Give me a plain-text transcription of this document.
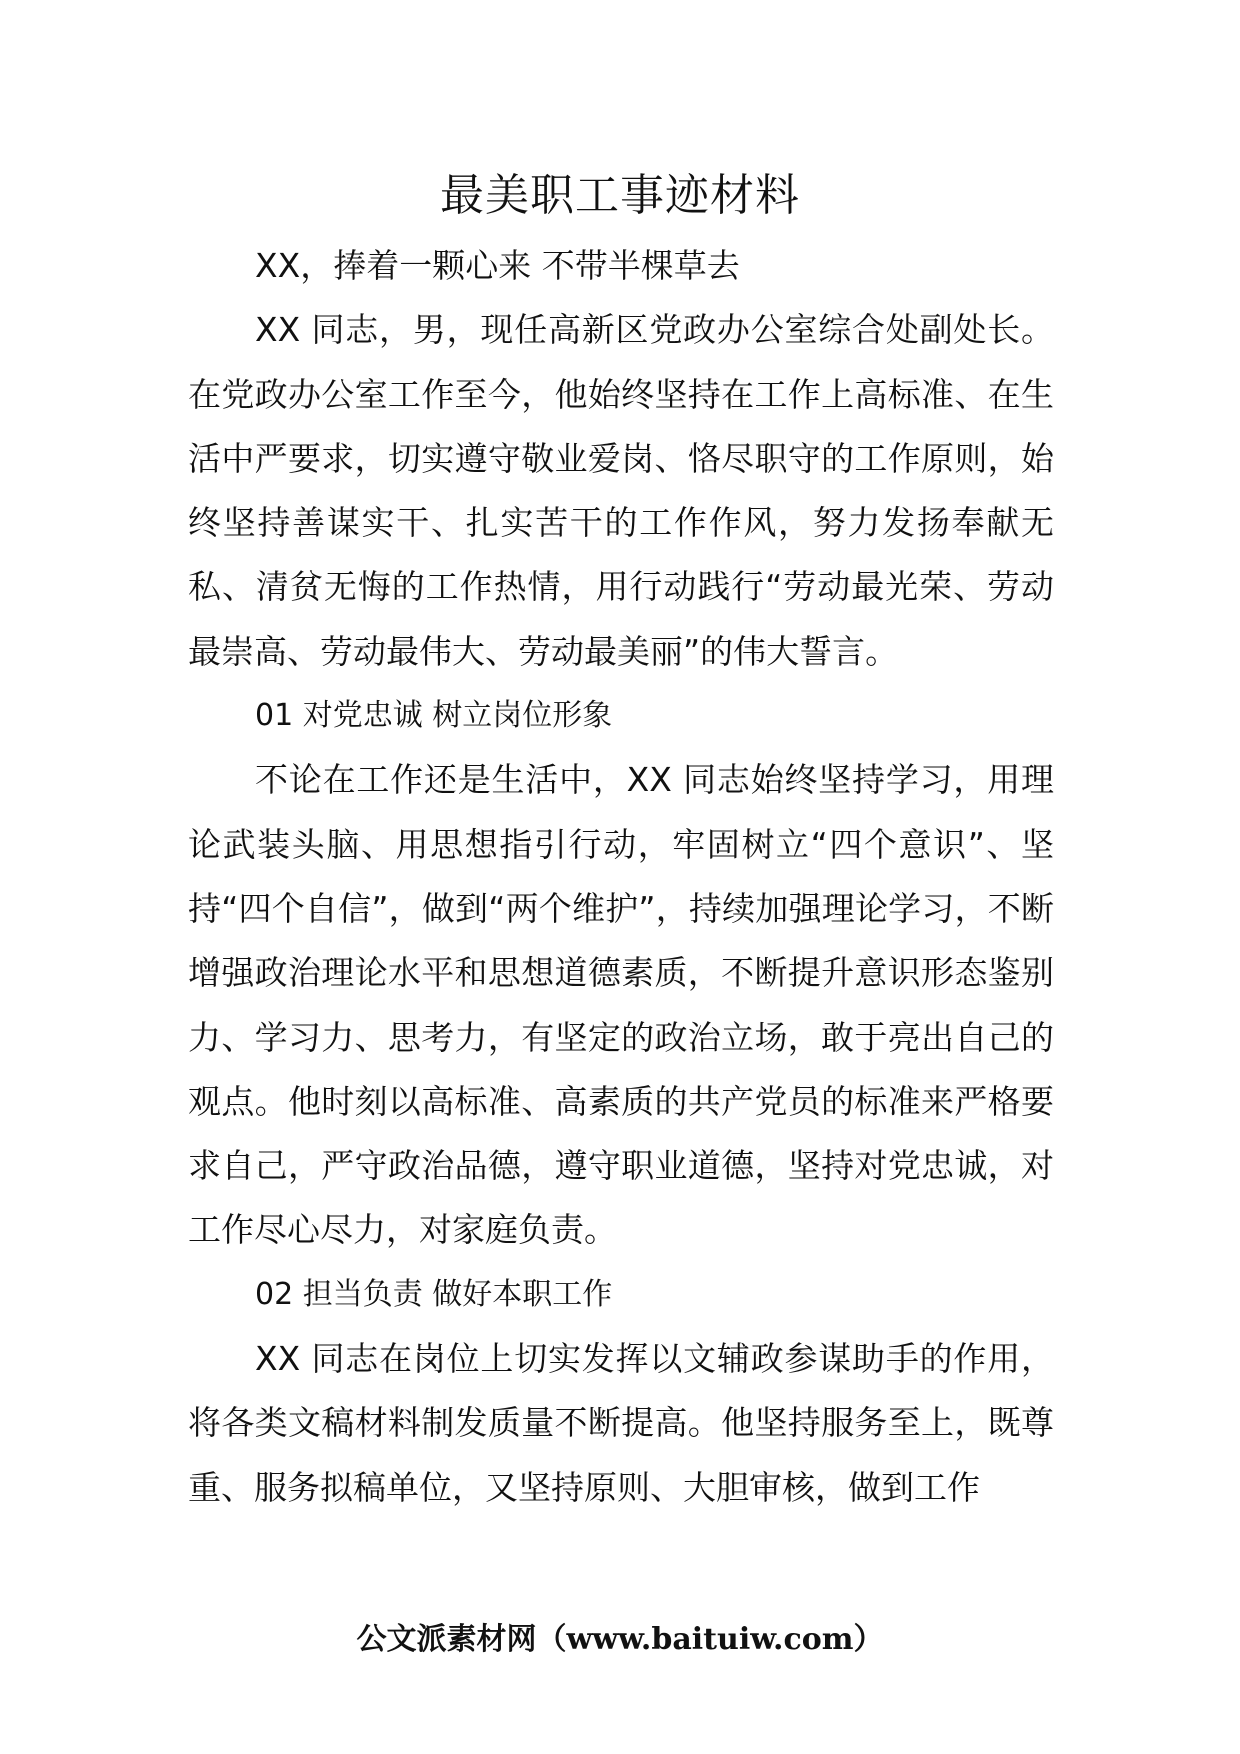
最美职工事迹材料

XX，捧着一颗心来 不带半棵草去

XX 同志，男，现任高新区党政办公室综合处副处长。在党政办公室工作至今，他始终坚持在工作上高标准、在生活中严要求，切实遵守敬业爱岗、恪尽职守的工作原则，始终坚持善谋实干、扎实苦干的工作作风，努力发扬奉献无私、清贫无悔的工作热情，用行动践行“劳动最光荣、劳动最崇高、劳动最伟大、劳动最美丽”的伟大誓言。

01 对党忠诚 树立岗位形象

不论在工作还是生活中，XX 同志始终坚持学习，用理论武装头脑、用思想指引行动，牢固树立“四个意识”、坚持“四个自信”，做到“两个维护”，持续加强理论学习，不断增强政治理论水平和思想道德素质，不断提升意识形态鉴别力、学习力、思考力，有坚定的政治立场，敢于亮出自己的观点。他时刻以高标准、高素质的共产党员的标准来严格要求自己，严守政治品德，遵守职业道德，坚持对党忠诚，对工作尽心尽力，对家庭负责。

02 担当负责 做好本职工作

XX 同志在岗位上切实发挥以文辅政参谋助手的作用，将各类文稿材料制发质量不断提高。他坚持服务至上，既尊重、服务拟稿单位，又坚持原则、大胆审核，做到工作

公文派素材网（www.baituiw.com）
